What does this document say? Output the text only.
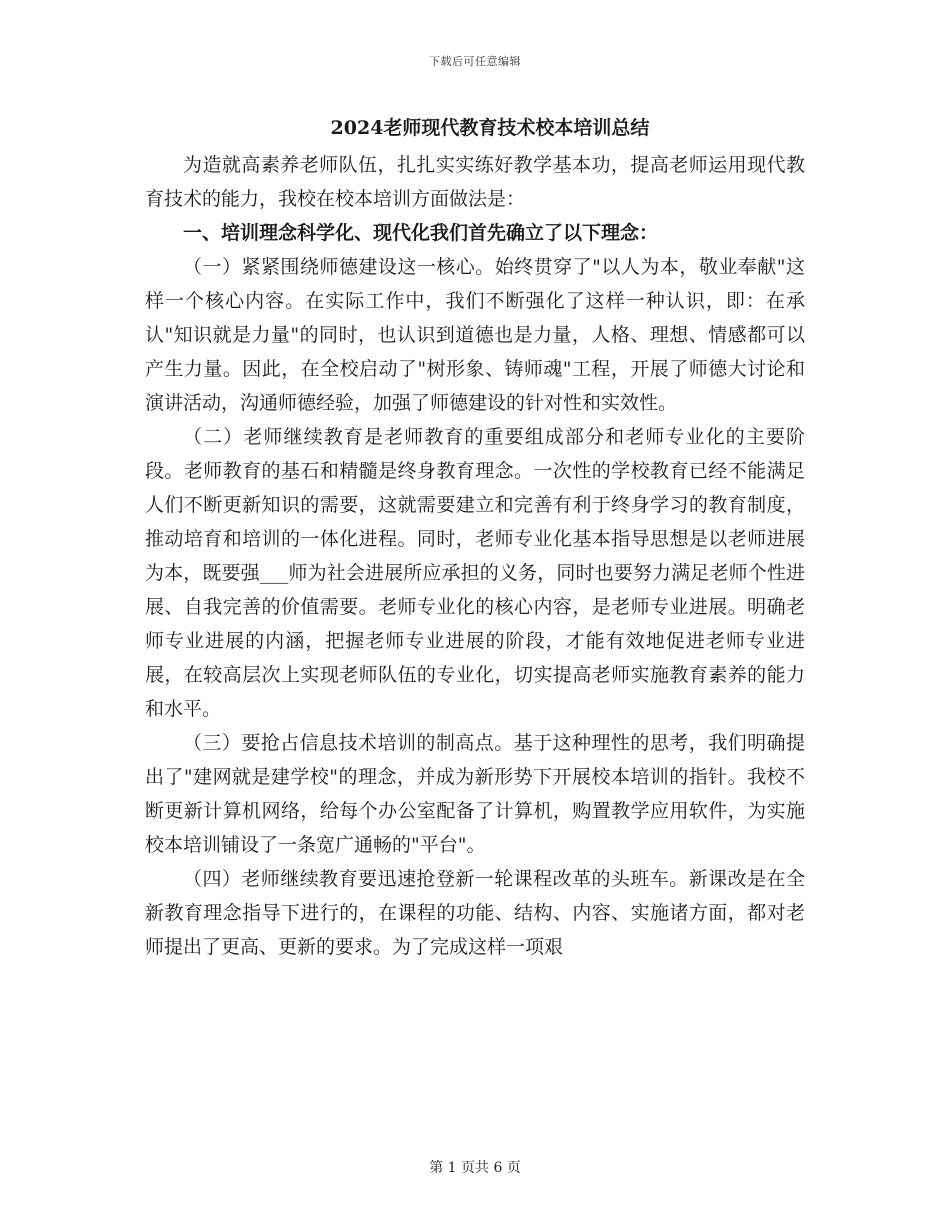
下载后可任意编辑
2024老师现代教育技术校本培训总结

为造就高素养老师队伍，扎扎实实练好教学基本功，提高老师运用现代教育技术的能力，我校在校本培训方面做法是：

一、培训理念科学化、现代化我们首先确立了以下理念：

（一）紧紧围绕师德建设这一核心。始终贯穿了"以人为本，敬业奉献"这样一个核心内容。在实际工作中，我们不断强化了这样一种认识，即：在承认"知识就是力量"的同时，也认识到道德也是力量，人格、理想、情感都可以产生力量。因此，在全校启动了"树形象、铸师魂"工程，开展了师德大讨论和演讲活动，沟通师德经验，加强了师德建设的针对性和实效性。

（二）老师继续教育是老师教育的重要组成部分和老师专业化的主要阶段。老师教育的基石和精髓是终身教育理念。一次性的学校教育已经不能满足人们不断更新知识的需要，这就需要建立和完善有利于终身学习的教育制度，推动培育和培训的一体化进程。同时，老师专业化基本指导思想是以老师进展为本，既要强___师为社会进展所应承担的义务，同时也要努力满足老师个性进展、自我完善的价值需要。老师专业化的核心内容，是老师专业进展。明确老师专业进展的内涵，把握老师专业进展的阶段，才能有效地促进老师专业进展，在较高层次上实现老师队伍的专业化，切实提高老师实施教育素养的能力和水平。

（三）要抢占信息技术培训的制高点。基于这种理性的思考，我们明确提出了"建网就是建学校"的理念，并成为新形势下开展校本培训的指针。我校不断更新计算机网络，给每个办公室配备了计算机，购置教学应用软件，为实施校本培训铺设了一条宽广通畅的"平台"。

（四）老师继续教育要迅速抢登新一轮课程改革的头班车。新课改是在全新教育理念指导下进行的，在课程的功能、结构、内容、实施诸方面，都对老师提出了更高、更新的要求。为了完成这样一项艰

第 1 页共 6 页
